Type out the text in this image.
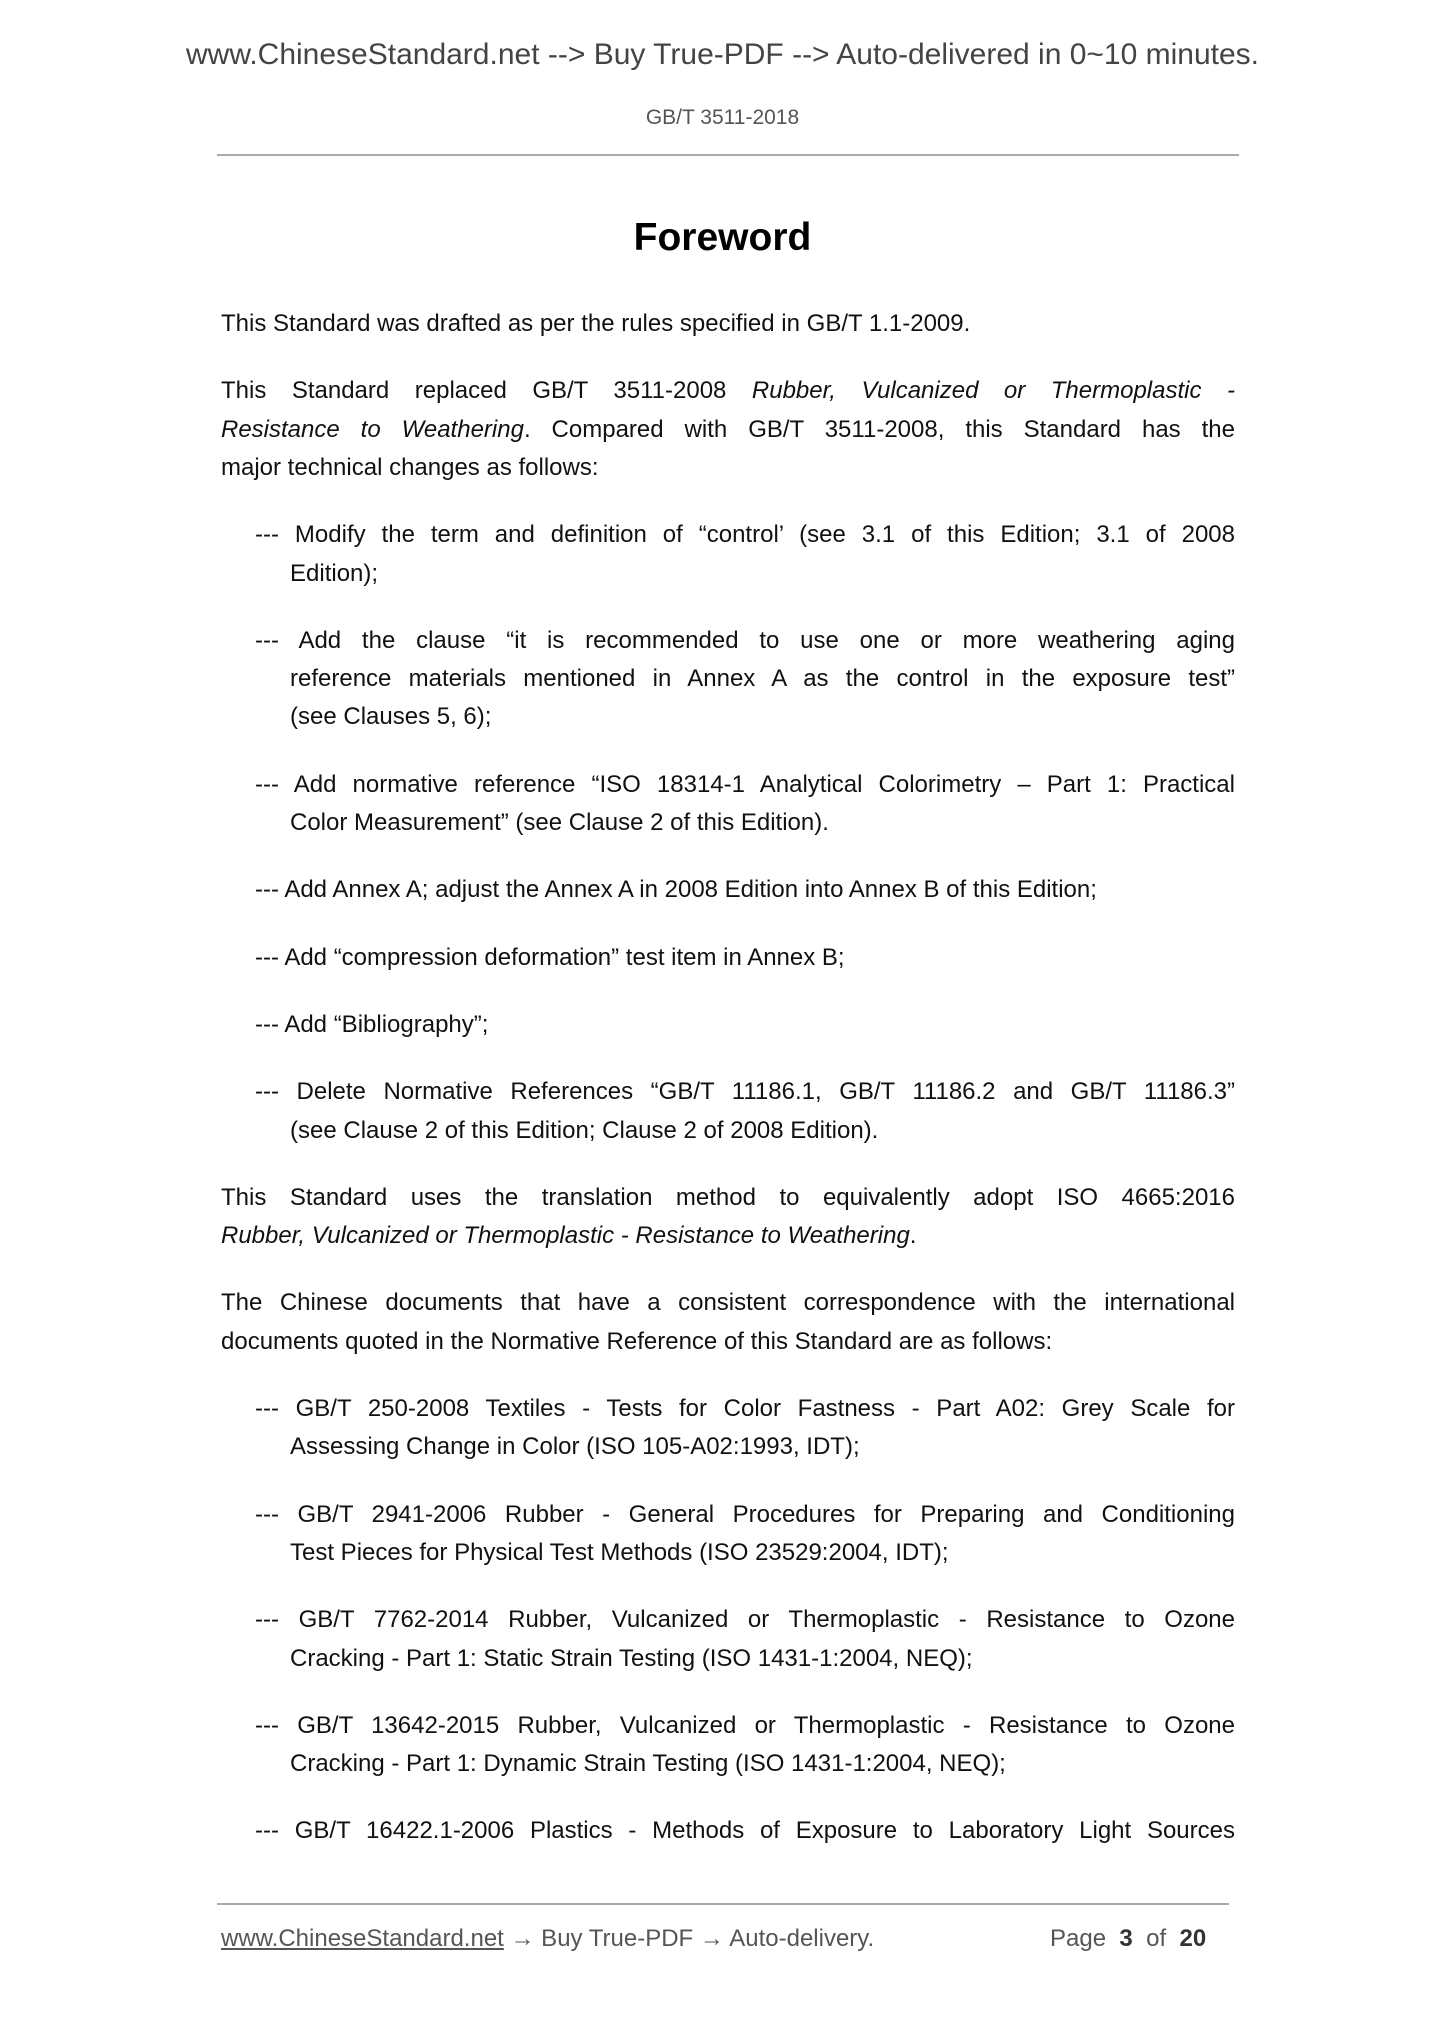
www.ChineseStandard.net --> Buy True-PDF --> Auto-delivered in 0~10 minutes.
GB/T 3511-2018
Foreword
This Standard was drafted as per the rules specified in GB/T 1.1-2009.
This Standard replaced GB/T 3511-2008 Rubber, Vulcanized or Thermoplastic -
Resistance to Weathering. Compared with GB/T 3511-2008, this Standard has the
major technical changes as follows:
--- Modify the term and definition of “control’ (see 3.1 of this Edition; 3.1 of 2008
Edition);
--- Add the clause “it is recommended to use one or more weathering aging
reference materials mentioned in Annex A as the control in the exposure test”
(see Clauses 5, 6);
--- Add normative reference “ISO 18314-1 Analytical Colorimetry – Part 1: Practical
Color Measurement” (see Clause 2 of this Edition).
--- Add Annex A; adjust the Annex A in 2008 Edition into Annex B of this Edition;
--- Add “compression deformation” test item in Annex B;
--- Add “Bibliography”;
--- Delete Normative References “GB/T 11186.1, GB/T 11186.2 and GB/T 11186.3”
(see Clause 2 of this Edition; Clause 2 of 2008 Edition).
This Standard uses the translation method to equivalently adopt ISO 4665:2016
Rubber, Vulcanized or Thermoplastic - Resistance to Weathering.
The Chinese documents that have a consistent correspondence with the international
documents quoted in the Normative Reference of this Standard are as follows:
--- GB/T 250-2008 Textiles - Tests for Color Fastness - Part A02: Grey Scale for
Assessing Change in Color (ISO 105-A02:1993, IDT);
--- GB/T 2941-2006 Rubber - General Procedures for Preparing and Conditioning
Test Pieces for Physical Test Methods (ISO 23529:2004, IDT);
--- GB/T 7762-2014 Rubber, Vulcanized or Thermoplastic - Resistance to Ozone
Cracking - Part 1: Static Strain Testing (ISO 1431-1:2004, NEQ);
--- GB/T 13642-2015 Rubber, Vulcanized or Thermoplastic - Resistance to Ozone
Cracking - Part 1: Dynamic Strain Testing (ISO 1431-1:2004, NEQ);
--- GB/T 16422.1-2006 Plastics - Methods of Exposure to Laboratory Light Sources
www.ChineseStandard.net → Buy True-PDF → Auto-delivery.	Page 3 of 20
